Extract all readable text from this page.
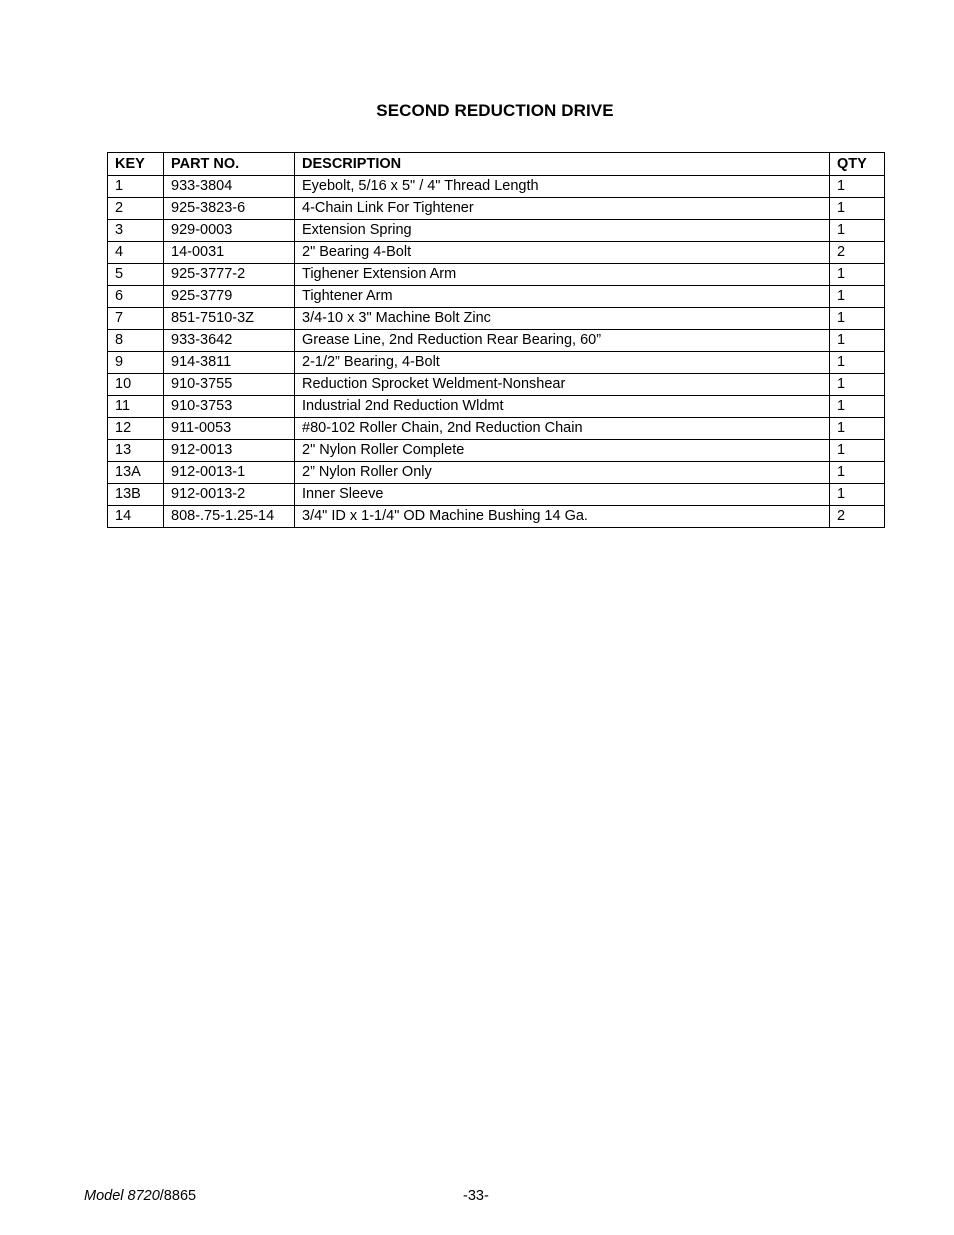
SECOND REDUCTION DRIVE
KEY	PART NO.	DESCRIPTION	QTY
1	933-3804	Eyebolt, 5/16 x 5" / 4" Thread Length	1
2	925-3823-6	4-Chain Link For Tightener	1
3	929-0003	Extension Spring	1
4	14-0031	2" Bearing 4-Bolt	2
5	925-3777-2	Tighener Extension Arm	1
6	925-3779	Tightener Arm	1
7	851-7510-3Z	3/4-10 x 3" Machine Bolt Zinc	1
8	933-3642	Grease Line, 2nd Reduction Rear Bearing, 60”	1
9	914-3811	2-1/2” Bearing, 4-Bolt	1
10	910-3755	Reduction Sprocket Weldment-Nonshear	1
11	910-3753	Industrial 2nd Reduction Wldmt	1
12	911-0053	#80-102 Roller Chain, 2nd Reduction Chain	1
13	912-0013	2" Nylon Roller Complete	1
13A	912-0013-1	2” Nylon Roller Only	1
13B	912-0013-2	Inner Sleeve	1
14	808-.75-1.25-14	3/4" ID x 1-1/4" OD Machine Bushing 14 Ga.	2
Model 8720/8865	-33-
